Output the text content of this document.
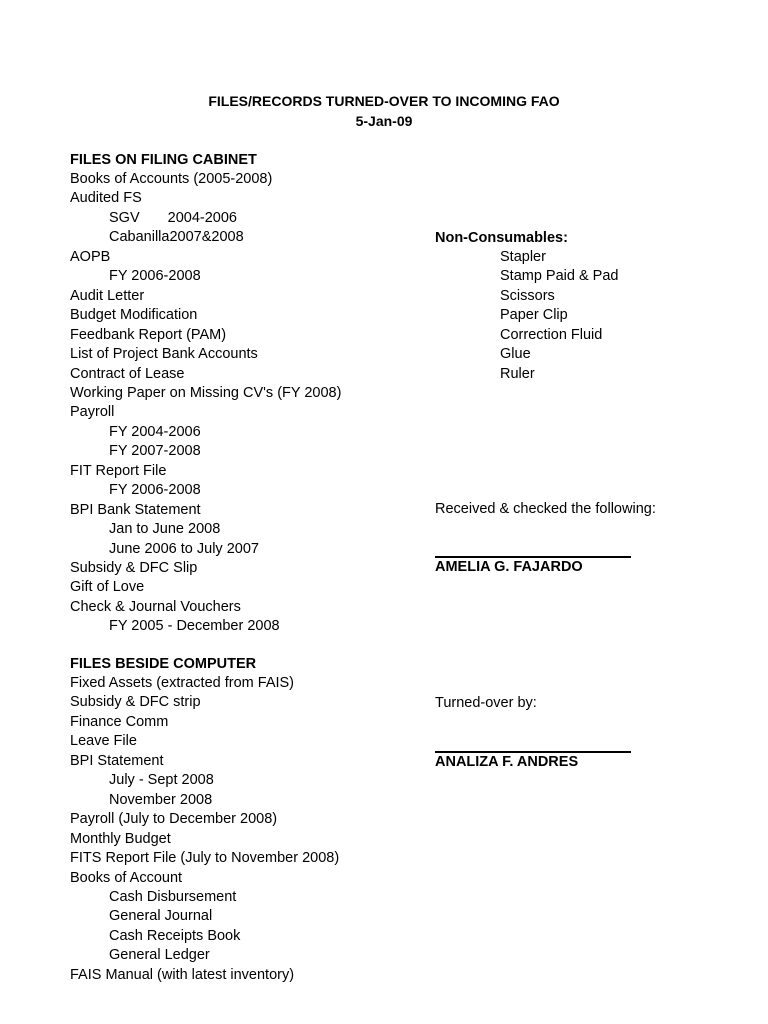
FILES/RECORDS TURNED-OVER TO INCOMING FAO
5-Jan-09
FILES ON FILING CABINET
Books of Accounts (2005-2008)
Audited FS
SGV 2004-2006
Cabanilla2007&2008
AOPB
FY 2006-2008
Audit Letter
Budget Modification
Feedbank Report (PAM)
List of Project Bank Accounts
Contract of Lease
Working Paper on Missing CV's (FY 2008)
Payroll
FY 2004-2006
FY 2007-2008
FIT Report File
FY 2006-2008
BPI Bank Statement
Jan to June 2008
June 2006 to July 2007
Subsidy & DFC Slip
Gift of Love
Check & Journal Vouchers
FY 2005 - December 2008
FILES BESIDE COMPUTER
Fixed Assets (extracted from FAIS)
Subsidy & DFC strip
Finance Comm
Leave File
BPI Statement
July - Sept 2008
November 2008
Payroll (July to December 2008)
Monthly Budget
FITS Report File (July to November 2008)
Books of Account
Cash Disbursement
General Journal
Cash Receipts Book
General Ledger
FAIS Manual (with latest inventory)
Non-Consumables:
Stapler
Stamp Paid & Pad
Scissors
Paper Clip
Correction Fluid
Glue
Ruler
Received & checked the following:
AMELIA G. FAJARDO
Turned-over by:
ANALIZA F. ANDRES
